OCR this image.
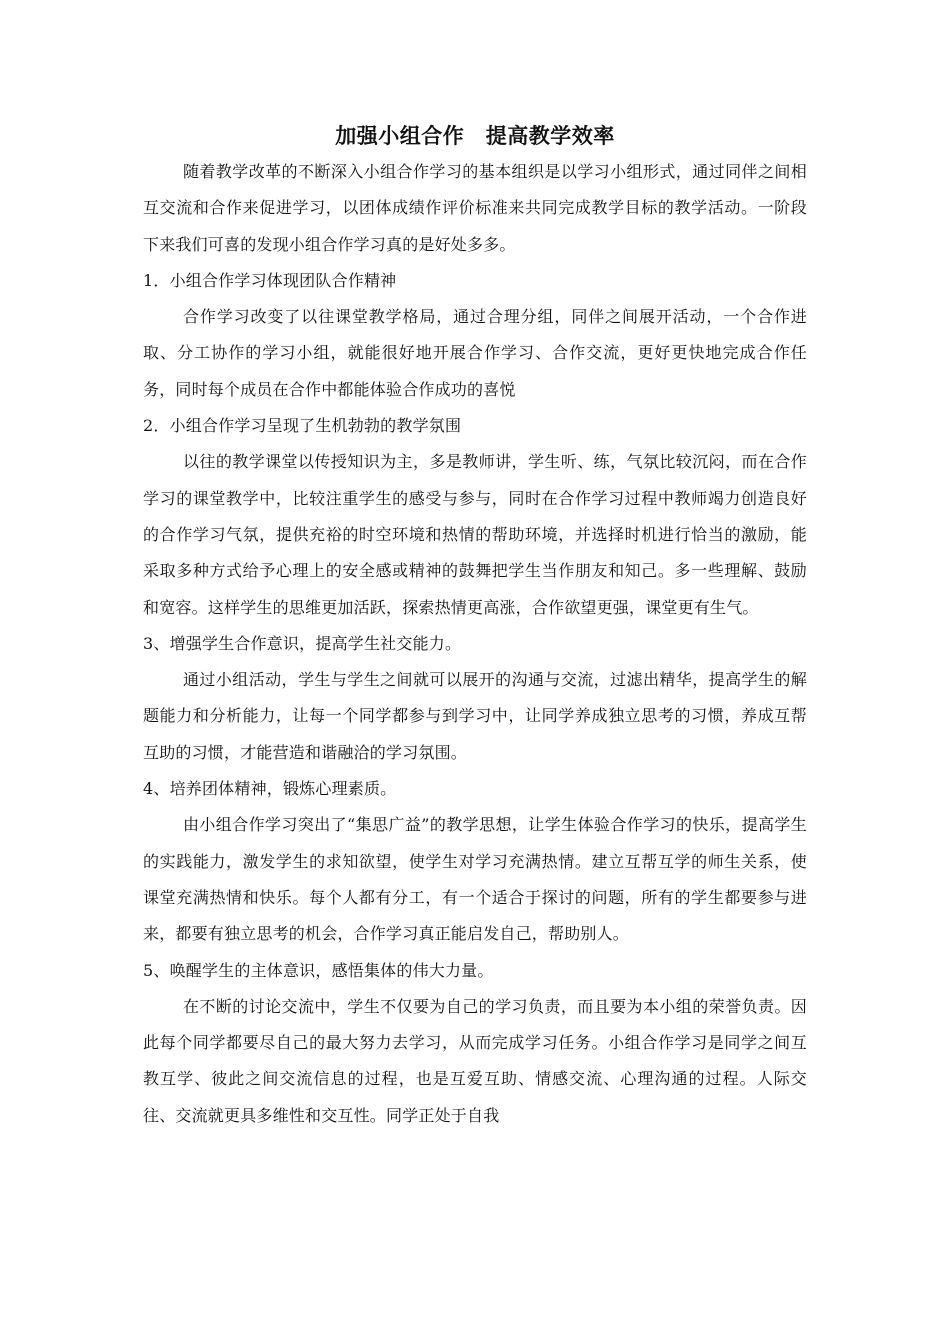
加强小组合作　提高教学效率

随着教学改革的不断深入小组合作学习的基本组织是以学习小组形式，通过同伴之间相互交流和合作来促进学习，以团体成绩作评价标准来共同完成教学目标的教学活动。一阶段下来我们可喜的发现小组合作学习真的是好处多多。

1．小组合作学习体现团队合作精神

合作学习改变了以往课堂教学格局，通过合理分组，同伴之间展开活动，一个合作进取、分工协作的学习小组，就能很好地开展合作学习、合作交流，更好更快地完成合作任务，同时每个成员在合作中都能体验合作成功的喜悦

2．小组合作学习呈现了生机勃勃的教学氛围

以往的教学课堂以传授知识为主，多是教师讲，学生听、练，气氛比较沉闷，而在合作学习的课堂教学中，比较注重学生的感受与参与，同时在合作学习过程中教师竭力创造良好的合作学习气氛，提供充裕的时空环境和热情的帮助环境，并选择时机进行恰当的激励，能采取多种方式给予心理上的安全感或精神的鼓舞把学生当作朋友和知己。多一些理解、鼓励和宽容。这样学生的思维更加活跃，探索热情更高涨，合作欲望更强，课堂更有生气。

3、增强学生合作意识，提高学生社交能力。

通过小组活动，学生与学生之间就可以展开的沟通与交流，过滤出精华，提高学生的解题能力和分析能力，让每一个同学都参与到学习中，让同学养成独立思考的习惯，养成互帮互助的习惯，才能营造和谐融洽的学习氛围。

4、培养团体精神，锻炼心理素质。

由小组合作学习突出了“集思广益”的教学思想，让学生体验合作学习的快乐，提高学生的实践能力，激发学生的求知欲望，使学生对学习充满热情。建立互帮互学的师生关系，使课堂充满热情和快乐。每个人都有分工，有一个适合于探讨的问题，所有的学生都要参与进来，都要有独立思考的机会，合作学习真正能启发自己，帮助别人。

5、唤醒学生的主体意识，感悟集体的伟大力量。

在不断的讨论交流中，学生不仅要为自己的学习负责，而且要为本小组的荣誉负责。因此每个同学都要尽自己的最大努力去学习，从而完成学习任务。小组合作学习是同学之间互教互学、彼此之间交流信息的过程，也是互爱互助、情感交流、心理沟通的过程。人际交往、交流就更具多维性和交互性。同学正处于自我
